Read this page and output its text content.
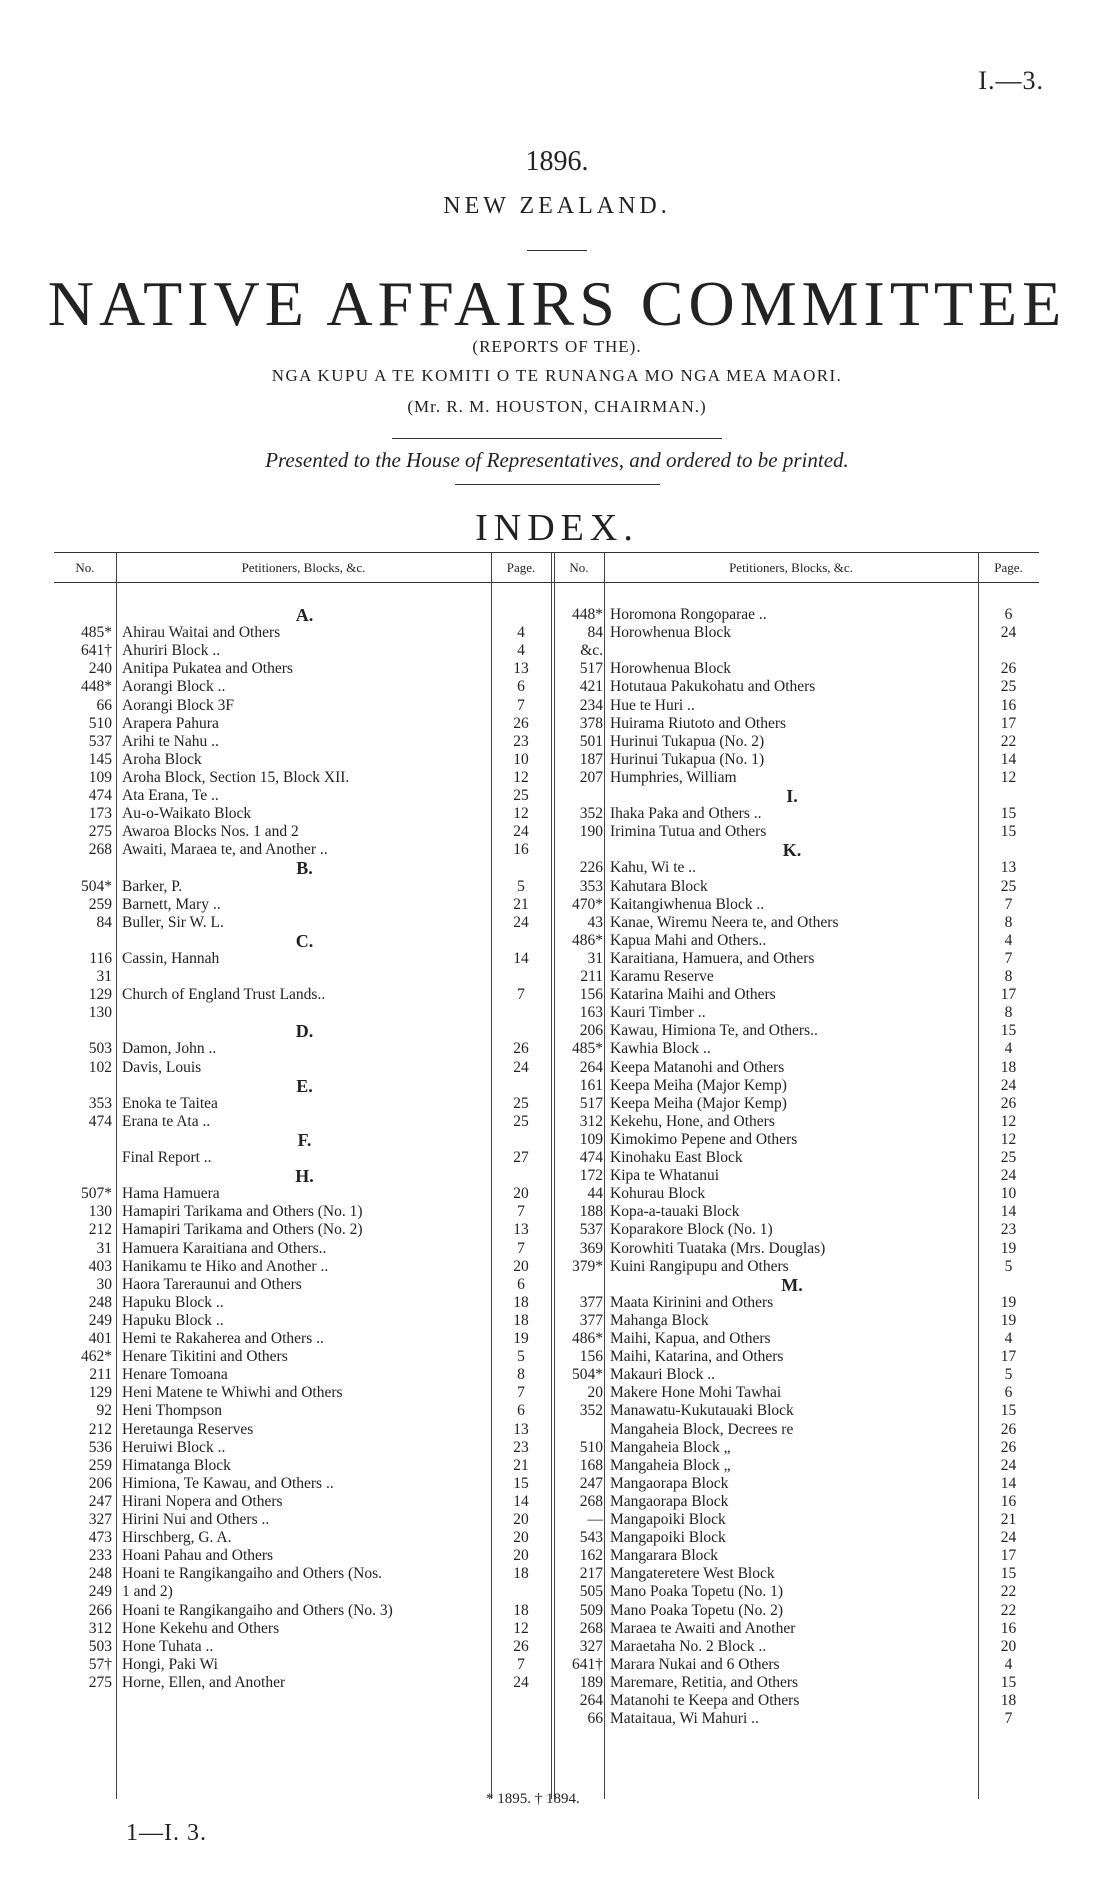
I.—3.
1896.
NEW ZEALAND.
NATIVE AFFAIRS COMMITTEE
(REPORTS OF THE).
NGA KUPU A TE KOMITI O TE RUNANGA MO NGA MEA MAORI.
(Mr. R. M. HOUSTON, CHAIRMAN.)
Presented to the House of Representatives, and ordered to be printed.
INDEX.
No.	Petitioners, Blocks, &c.	Page.	No.	Petitioners, Blocks, &c.	Page.
A.
485* Ahirau Waitai and Others	4
641† Ahuriri Block ..	4
240 Anitipa Pukatea and Others	13
448* Aorangi Block ..	6
66 Aorangi Block 3F	7
510 Arapera Pahura	26
537 Arihi te Nahu ..	23
145 Aroha Block	10
109 Aroha Block, Section 15, Block XII.	12
474 Ata Erana, Te ..	25
173 Au-o-Waikato Block	12
275 Awaroa Blocks Nos. 1 and 2	24
268 Awaiti, Maraea te, and Another ..	16
B.
504* Barker, P.	5
259 Barnett, Mary ..	21
84 Buller, Sir W. L.	24
C.
116 Cassin, Hannah	14
31
129 Church of England Trust Lands..	7
130
D.
503 Damon, John ..	26
102 Davis, Louis	24
E.
353 Enoka te Taitea	25
474 Erana te Ata ..	25
F.
Final Report ..	27
H.
507* Hama Hamuera	20
130 Hamapiri Tarikama and Others (No. 1)	7
212 Hamapiri Tarikama and Others (No. 2)	13
31 Hamuera Karaitiana and Others..	7
403 Hanikamu te Hiko and Another ..	20
30 Haora Tareraunui and Others	6
248 Hapuku Block ..	18
249 Hapuku Block ..	18
401 Hemi te Rakaherea and Others ..	19
462* Henare Tikitini and Others	5
211 Henare Tomoana	8
129 Heni Matene te Whiwhi and Others	7
92 Heni Thompson	6
212 Heretaunga Reserves	13
536 Heruiwi Block ..	23
259 Himatanga Block	21
206 Himiona, Te Kawau, and Others ..	15
247 Hirani Nopera and Others	14
327 Hirini Nui and Others ..	20
473 Hirschberg, G. A.	20
233 Hoani Pahau and Others	20
248 Hoani te Rangikangaiho and Others (Nos.	18
249 1 and 2)
266 Hoani te Rangikangaiho and Others (No. 3)	18
312 Hone Kekehu and Others	12
503 Hone Tuhata ..	26
57† Hongi, Paki Wi	7
275 Horne, Ellen, and Another	24
448* Horomona Rongoparae ..	6
84 Horowhenua Block	24
&c.
517 Horowhenua Block	26
421 Hotutaua Pakukohatu and Others	25
234 Hue te Huri ..	16
378 Huirama Riutoto and Others	17
501 Hurinui Tukapua (No. 2)	22
187 Hurinui Tukapua (No. 1)	14
207 Humphries, William	12
I.
352 Ihaka Paka and Others ..	15
190 Irimina Tutua and Others	15
K.
226 Kahu, Wi te ..	13
353 Kahutara Block	25
470* Kaitangiwhenua Block ..	7
43 Kanae, Wiremu Neera te, and Others	8
486* Kapua Mahi and Others..	4
31 Karaitiana, Hamuera, and Others	7
211 Karamu Reserve	8
156 Katarina Maihi and Others	17
163 Kauri Timber ..	8
206 Kawau, Himiona Te, and Others..	15
485* Kawhia Block ..	4
264 Keepa Matanohi and Others	18
161 Keepa Meiha (Major Kemp)	24
517 Keepa Meiha (Major Kemp)	26
312 Kekehu, Hone, and Others	12
109 Kimokimo Pepene and Others	12
474 Kinohaku East Block	25
172 Kipa te Whatanui	24
44 Kohurau Block	10
188 Kopa-a-tauaki Block	14
537 Koparakore Block (No. 1)	23
369 Korowhiti Tuataka (Mrs. Douglas)	19
379* Kuini Rangipupu and Others	5
M.
377 Maata Kirinini and Others	19
377 Mahanga Block	19
486* Maihi, Kapua, and Others	4
156 Maihi, Katarina, and Others	17
504* Makauri Block ..	5
20 Makere Hone Mohi Tawhai	6
352 Manawatu-Kukutauaki Block	15
Mangaheia Block, Decrees re	26
510 Mangaheia Block „	26
168 Mangaheia Block „	24
247 Mangaorapa Block	14
268 Mangaorapa Block	16
— Mangapoiki Block	21
543 Mangapoiki Block	24
162 Mangarara Block	17
217 Mangateretere West Block	15
505 Mano Poaka Topetu (No. 1)	22
509 Mano Poaka Topetu (No. 2)	22
268 Maraea te Awaiti and Another	16
327 Maraetaha No. 2 Block ..	20
641† Marara Nukai and 6 Others	4
189 Maremare, Retitia, and Others	15
264 Matanohi te Keepa and Others	18
66 Mataitaua, Wi Mahuri ..	7
* 1895. † 1894.
1—I. 3.
